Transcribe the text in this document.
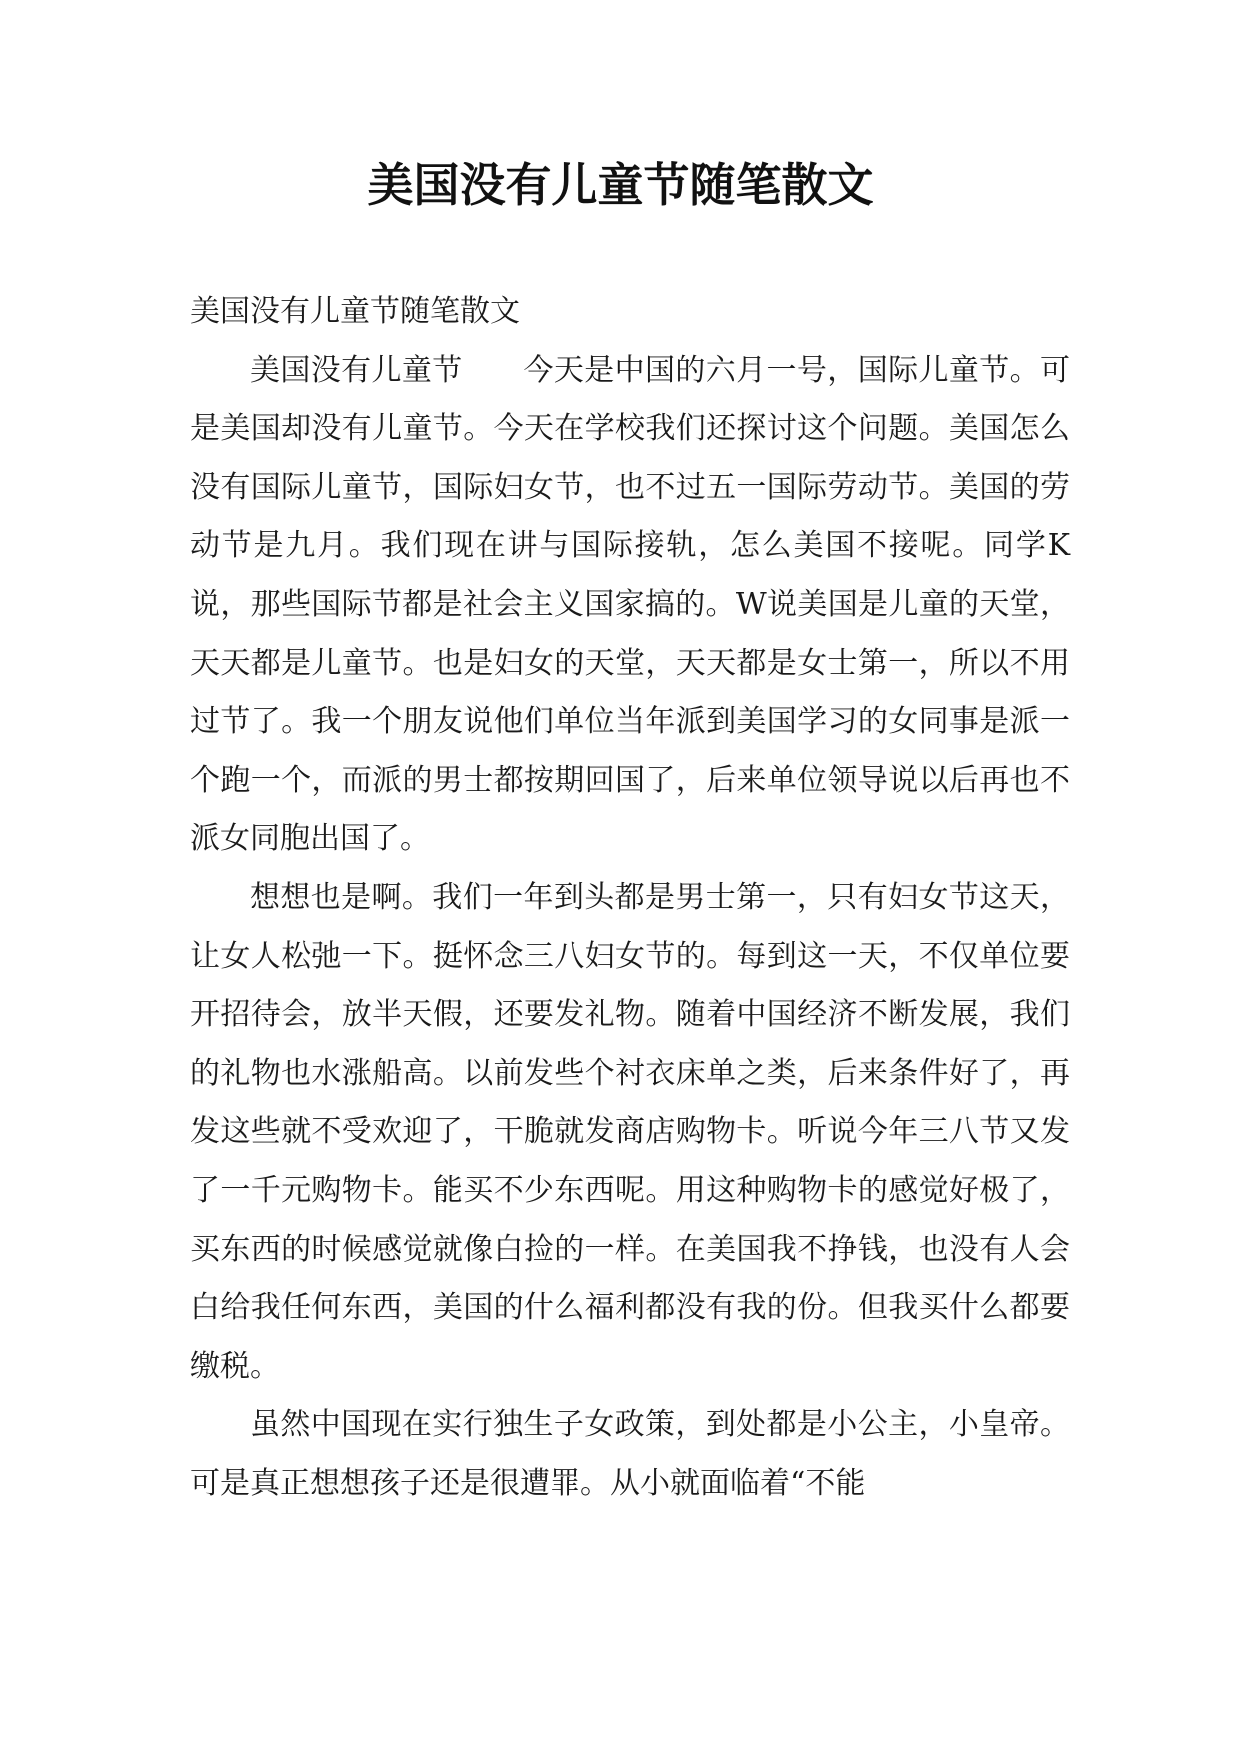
美国没有儿童节随笔散文

美国没有儿童节随笔散文

美国没有儿童节　　今天是中国的六月一号，国际儿童节。可是美国却没有儿童节。今天在学校我们还探讨这个问题。美国怎么没有国际儿童节，国际妇女节，也不过五一国际劳动节。美国的劳动节是九月。我们现在讲与国际接轨，怎么美国不接呢。同学K说，那些国际节都是社会主义国家搞的。W说美国是儿童的天堂，天天都是儿童节。也是妇女的天堂，天天都是女士第一，所以不用过节了。我一个朋友说他们单位当年派到美国学习的女同事是派一个跑一个，而派的男士都按期回国了，后来单位领导说以后再也不派女同胞出国了。

想想也是啊。我们一年到头都是男士第一，只有妇女节这天，让女人松弛一下。挺怀念三八妇女节的。每到这一天，不仅单位要开招待会，放半天假，还要发礼物。随着中国经济不断发展，我们的礼物也水涨船高。以前发些个衬衣床单之类，后来条件好了，再发这些就不受欢迎了，干脆就发商店购物卡。听说今年三八节又发了一千元购物卡。能买不少东西呢。用这种购物卡的感觉好极了，买东西的时候感觉就像白捡的一样。在美国我不挣钱，也没有人会白给我任何东西，美国的什么福利都没有我的份。但我买什么都要缴税。

虽然中国现在实行独生子女政策，到处都是小公主，小皇帝。可是真正想想孩子还是很遭罪。从小就面临着“不能
